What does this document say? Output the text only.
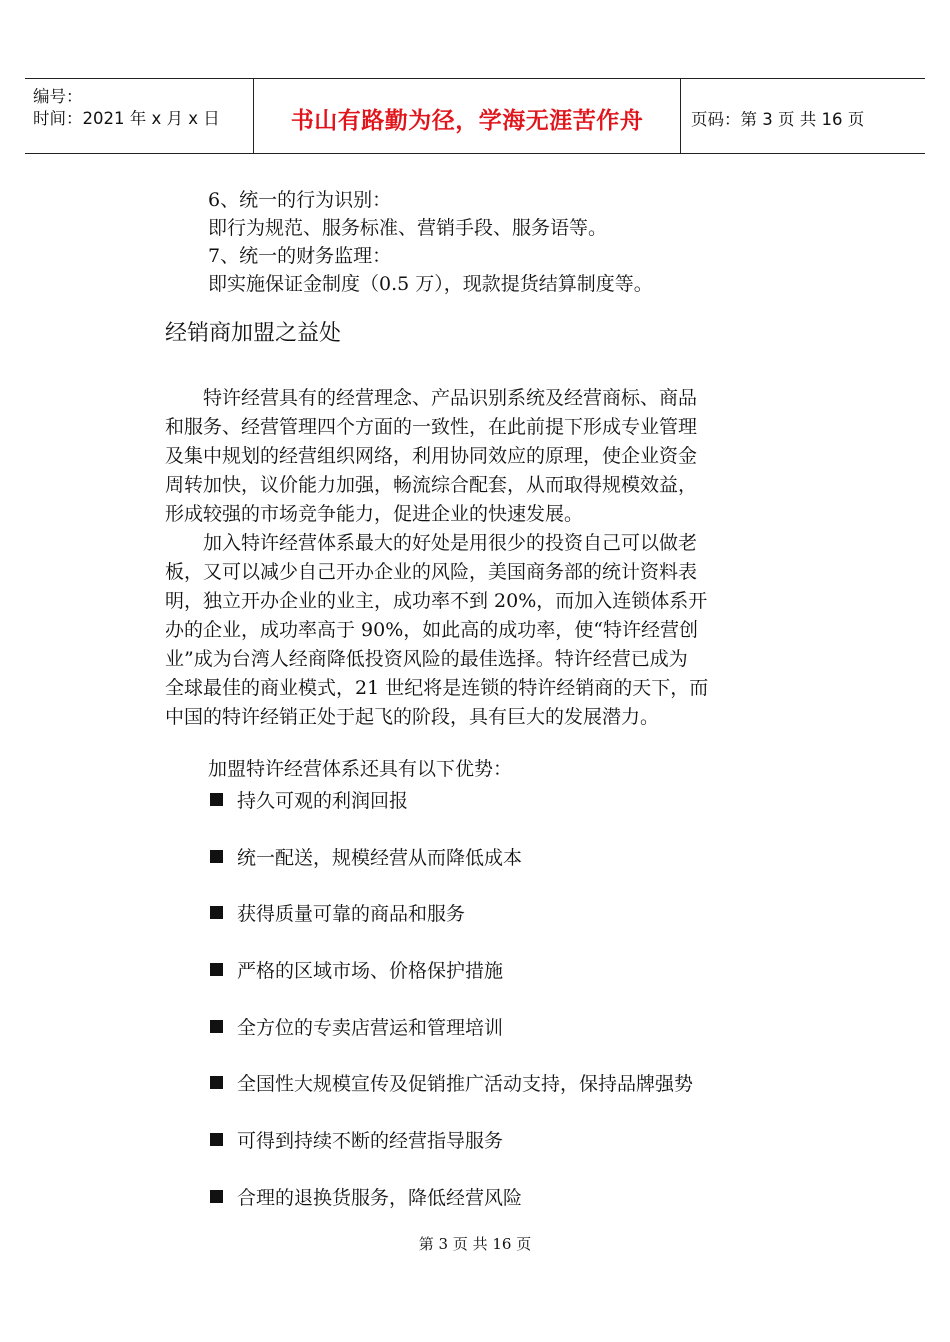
编号：
时间：2021 年 x 月 x 日	书山有路勤为径，学海无涯苦作舟	页码：第 3 页 共 16 页
6、统一的行为识别：
即行为规范、服务标准、营销手段、服务语等。
7、统一的财务监理：
即实施保证金制度（0.5 万），现款提货结算制度等。
经销商加盟之益处
　　特许经营具有的经营理念、产品识别系统及经营商标、商品
和服务、经营管理四个方面的一致性，在此前提下形成专业管理
及集中规划的经营组织网络，利用协同效应的原理，使企业资金
周转加快，议价能力加强，畅流综合配套，从而取得规模效益，
形成较强的市场竞争能力，促进企业的快速发展。
　　加入特许经营体系最大的好处是用很少的投资自己可以做老
板，又可以减少自己开办企业的风险，美国商务部的统计资料表
明，独立开办企业的业主，成功率不到 20%，而加入连锁体系开
办的企业，成功率高于 90%，如此高的成功率，使“特许经营创
业”成为台湾人经商降低投资风险的最佳选择。特许经营已成为
全球最佳的商业模式，21 世纪将是连锁的特许经销商的天下，而
中国的特许经销正处于起飞的阶段，具有巨大的发展潜力。
加盟特许经营体系还具有以下优势：
持久可观的利润回报
统一配送，规模经营从而降低成本
获得质量可靠的商品和服务
严格的区域市场、价格保护措施
全方位的专卖店营运和管理培训
全国性大规模宣传及促销推广活动支持，保持品牌强势
可得到持续不断的经营指导服务
合理的退换货服务，降低经营风险
第 3 页 共 16 页
